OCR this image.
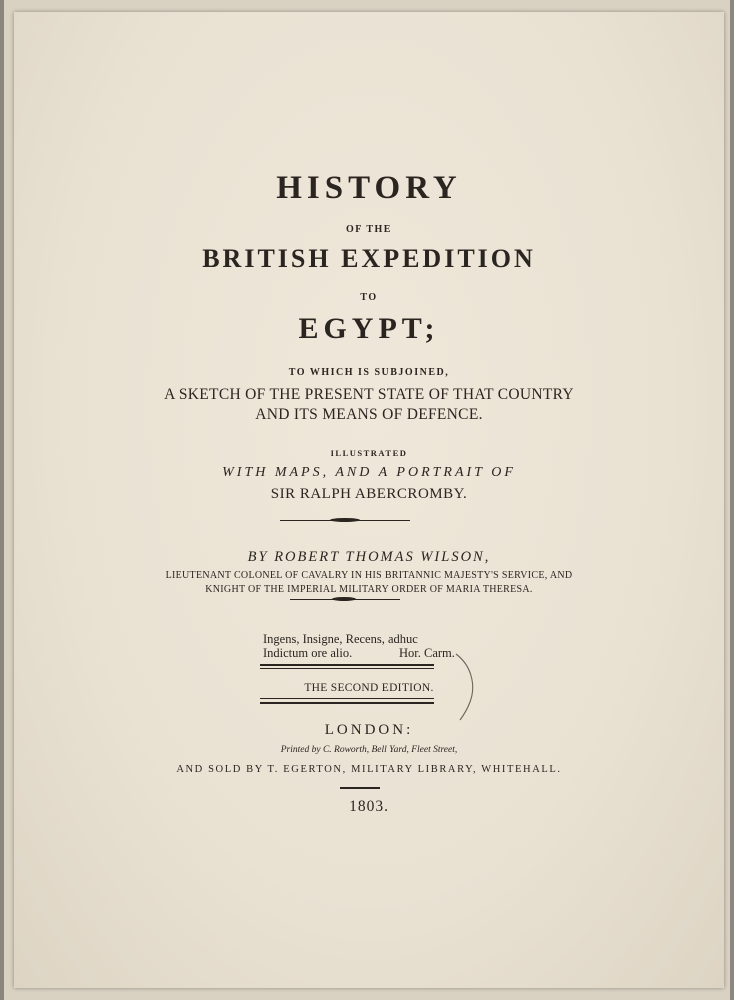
HISTORY
OF THE
BRITISH EXPEDITION
TO
EGYPT;
TO WHICH IS SUBJOINED,
A SKETCH OF THE PRESENT STATE OF THAT COUNTRY
AND ITS MEANS OF DEFENCE.
ILLUSTRATED
WITH MAPS, AND A PORTRAIT OF
SIR RALPH ABERCROMBY.
BY ROBERT THOMAS WILSON,
LIEUTENANT COLONEL OF CAVALRY IN HIS BRITANNIC MAJESTY'S SERVICE, AND
KNIGHT OF THE IMPERIAL MILITARY ORDER OF MARIA THERESA.
Ingens, Insigne, Recens, adhuc
Indictum ore alio.	Hor. Carm.
THE SECOND EDITION.
LONDON:
Printed by C. Roworth, Bell Yard, Fleet Street,
AND SOLD BY T. EGERTON, MILITARY LIBRARY, WHITEHALL.
1803.
